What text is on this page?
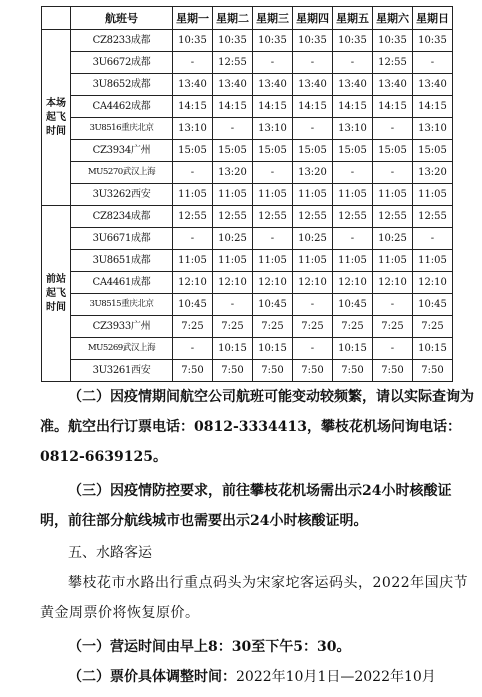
	航班号	星期一	星期二	星期三	星期四	星期五	星期六	星期日

本场
起飞
时间	CZ8233成都	10:35	10:35	10:35	10:35	10:35	10:35	10:35
	3U6672成都	-	12:55	-	-	-	12:55	-
	3U8652成都	13:40	13:40	13:40	13:40	13:40	13:40	13:40
	CA4462成都	14:15	14:15	14:15	14:15	14:15	14:15	14:15
	3U8516重庆北京	13:10	-	13:10	-	13:10	-	13:10
	CZ3934广州	15:05	15:05	15:05	15:05	15:05	15:05	15:05
	MU5270武汉上海	-	13:20	-	13:20	-	-	13:20
	3U3262西安	11:05	11:05	11:05	11:05	11:05	11:05	11:05

前站
起飞
时间	CZ8234成都	12:55	12:55	12:55	12:55	12:55	12:55	12:55
	3U6671成都	-	10:25	-	10:25	-	10:25	-
	3U8651成都	11:05	11:05	11:05	11:05	11:05	11:05	11:05
	CA4461成都	12:10	12:10	12:10	12:10	12:10	12:10	12:10
	3U8515重庆北京	10:45	-	10:45	-	10:45	-	10:45
	CZ3933广州	7:25	7:25	7:25	7:25	7:25	7:25	7:25
	MU5269武汉上海	-	10:15	10:15	-	10:15	-	10:15
	3U3261西安	7:50	7:50	7:50	7:50	7:50	7:50	7:50

（二）因疫情期间航空公司航班可能变动较频繁，请以实际查询为准。航空出行订票电话：0812-3334413，攀枝花机场问询电话：0812-6639125。

（三）因疫情防控要求，前往攀枝花机场需出示24小时核酸证明，前往部分航线城市也需要出示24小时核酸证明。

五、水路客运

攀枝花市水路出行重点码头为宋家坨客运码头，2022年国庆节黄金周票价将恢复原价。

（一）营运时间由早上8：30至下午5：30。

（二）票价具体调整时间：2022年10月1日—2022年10月
